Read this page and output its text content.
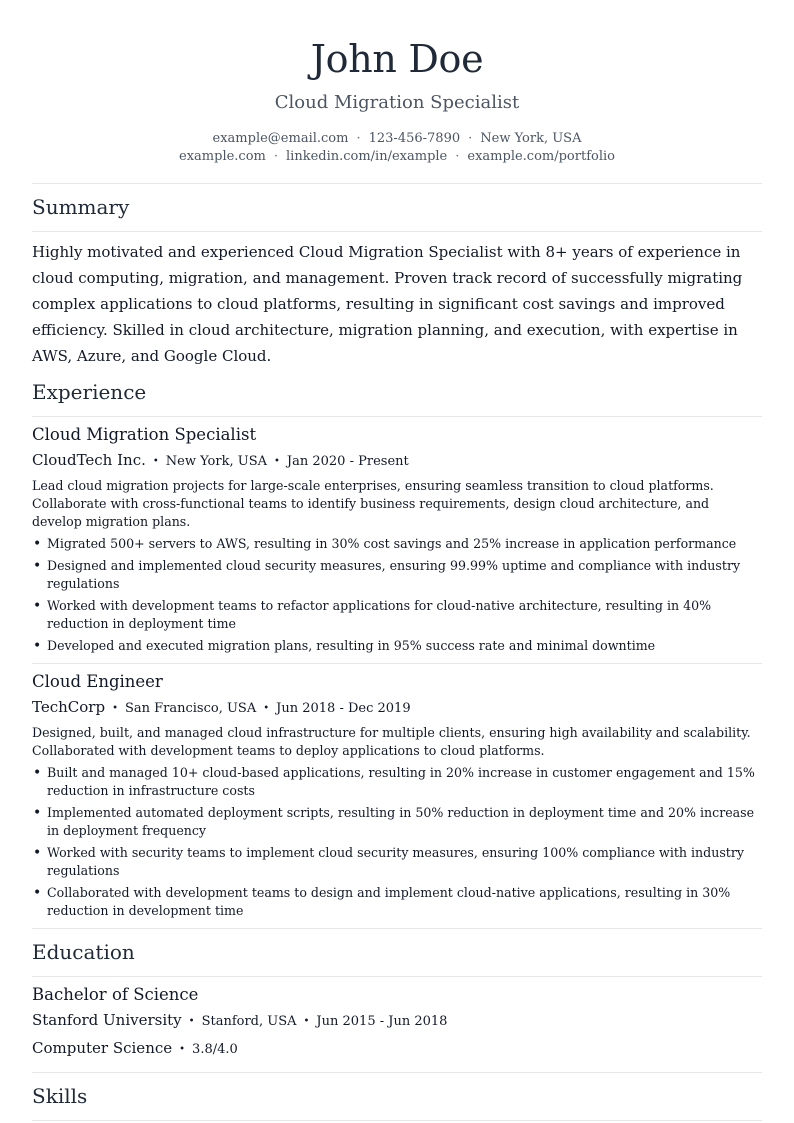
John Doe
Cloud Migration Specialist
example@email.com · 123-456-7890 · New York, USA
example.com · linkedin.com/in/example · example.com/portfolio
Summary

Highly motivated and experienced Cloud Migration Specialist with 8+ years of experience in cloud computing, migration, and management. Proven track record of successfully migrating complex applications to cloud platforms, resulting in significant cost savings and improved efficiency. Skilled in cloud architecture, migration planning, and execution, with expertise in AWS, Azure, and Google Cloud.

Experience
Cloud Migration Specialist
CloudTech Inc. • New York, USA • Jan 2020 - Present
Lead cloud migration projects for large-scale enterprises, ensuring seamless transition to cloud platforms. Collaborate with cross-functional teams to identify business requirements, design cloud architecture, and develop migration plans.
• Migrated 500+ servers to AWS, resulting in 30% cost savings and 25% increase in application performance
• Designed and implemented cloud security measures, ensuring 99.99% uptime and compliance with industry regulations
• Worked with development teams to refactor applications for cloud-native architecture, resulting in 40% reduction in deployment time
• Developed and executed migration plans, resulting in 95% success rate and minimal downtime
Cloud Engineer
TechCorp • San Francisco, USA • Jun 2018 - Dec 2019
Designed, built, and managed cloud infrastructure for multiple clients, ensuring high availability and scalability. Collaborated with development teams to deploy applications to cloud platforms.
• Built and managed 10+ cloud-based applications, resulting in 20% increase in customer engagement and 15% reduction in infrastructure costs
• Implemented automated deployment scripts, resulting in 50% reduction in deployment time and 20% increase in deployment frequency
• Worked with security teams to implement cloud security measures, ensuring 100% compliance with industry regulations
• Collaborated with development teams to design and implement cloud-native applications, resulting in 30% reduction in development time
Education
Bachelor of Science
Stanford University • Stanford, USA • Jun 2015 - Jun 2018
Computer Science • 3.8/4.0
Skills
